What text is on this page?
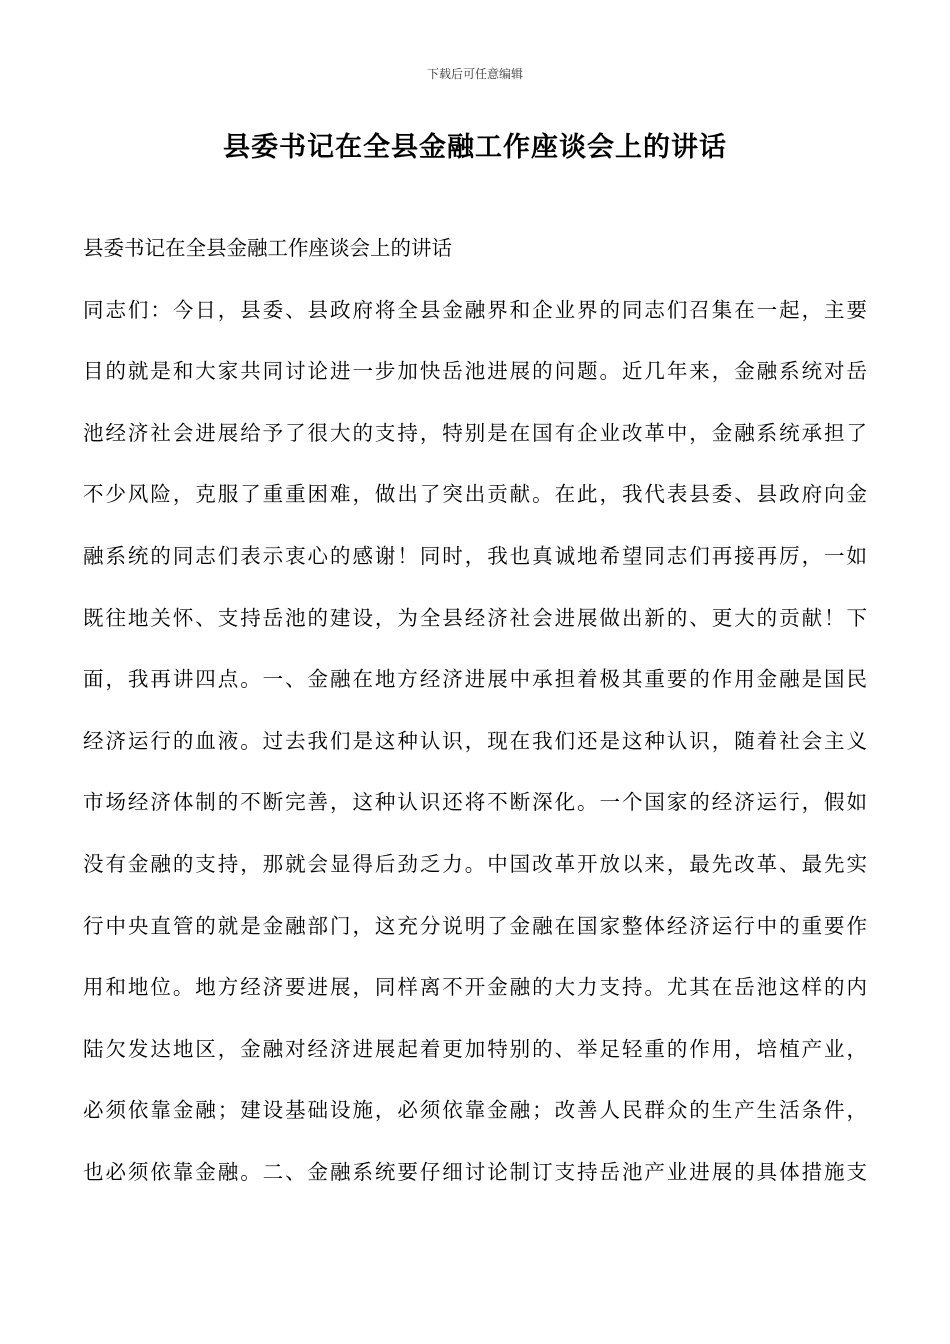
下载后可任意编辑
县委书记在全县金融工作座谈会上的讲话
县委书记在全县金融工作座谈会上的讲话
同志们：今日，县委、县政府将全县金融界和企业界的同志们召集在一起，主要
目的就是和大家共同讨论进一步加快岳池进展的问题。近几年来，金融系统对岳
池经济社会进展给予了很大的支持，特别是在国有企业改革中，金融系统承担了
不少风险，克服了重重困难，做出了突出贡献。在此，我代表县委、县政府向金
融系统的同志们表示衷心的感谢！同时，我也真诚地希望同志们再接再厉，一如
既往地关怀、支持岳池的建设，为全县经济社会进展做出新的、更大的贡献！下
面，我再讲四点。一、金融在地方经济进展中承担着极其重要的作用金融是国民
经济运行的血液。过去我们是这种认识，现在我们还是这种认识，随着社会主义
市场经济体制的不断完善，这种认识还将不断深化。一个国家的经济运行，假如
没有金融的支持，那就会显得后劲乏力。中国改革开放以来，最先改革、最先实
行中央直管的就是金融部门，这充分说明了金融在国家整体经济运行中的重要作
用和地位。地方经济要进展，同样离不开金融的大力支持。尤其在岳池这样的内
陆欠发达地区，金融对经济进展起着更加特别的、举足轻重的作用，培植产业，
必须依靠金融；建设基础设施，必须依靠金融；改善人民群众的生产生活条件，
也必须依靠金融。二、金融系统要仔细讨论制订支持岳池产业进展的具体措施支
